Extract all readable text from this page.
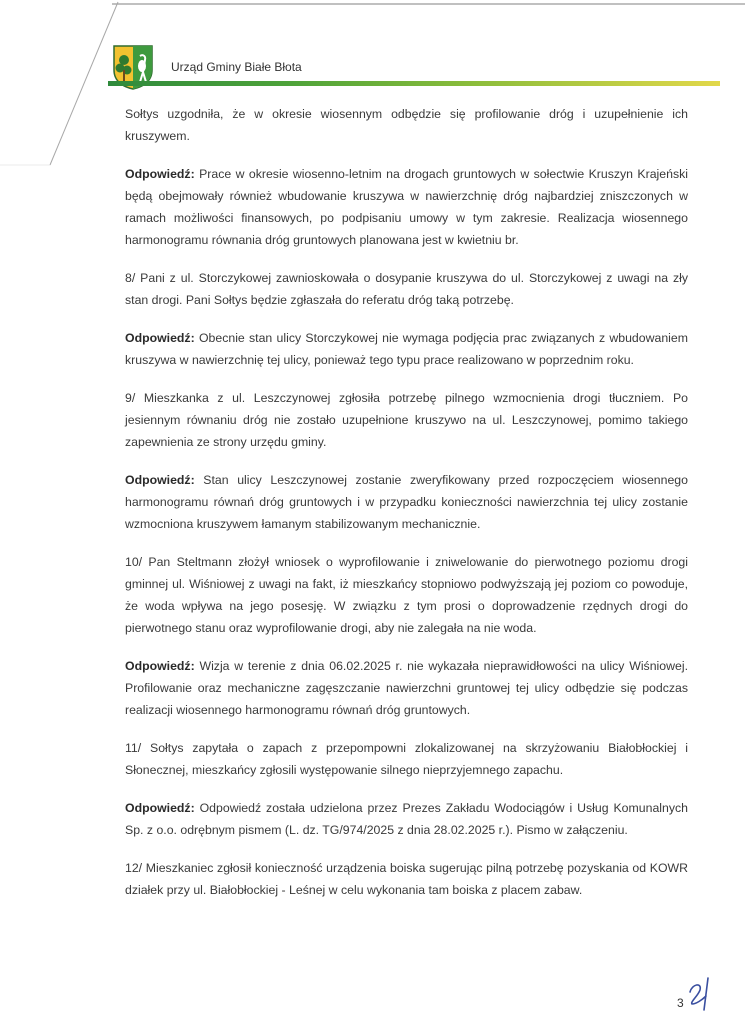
Urząd Gminy Białe Błota

Sołtys uzgodniła, że w okresie wiosennym odbędzie się profilowanie dróg i uzupełnienie ich kruszywem.

Odpowiedź: Prace w okresie wiosenno-letnim na drogach gruntowych w sołectwie Kruszyn Krajeński będą obejmowały również wbudowanie kruszywa w nawierzchnię dróg najbardziej zniszczonych w ramach możliwości finansowych, po podpisaniu umowy w tym zakresie. Realizacja wiosennego harmonogramu równania dróg gruntowych planowana jest w kwietniu br.

8/ Pani z ul. Storczykowej zawnioskowała o dosypanie kruszywa do ul. Storczykowej z uwagi na zły stan drogi. Pani Sołtys będzie zgłaszała do referatu dróg taką potrzebę.

Odpowiedź: Obecnie stan ulicy Storczykowej nie wymaga podjęcia prac związanych z wbudowaniem kruszywa w nawierzchnię tej ulicy, ponieważ tego typu prace realizowano w poprzednim roku.

9/ Mieszkanka z ul. Leszczynowej zgłosiła potrzebę pilnego wzmocnienia drogi tłuczniem. Po jesiennym równaniu dróg nie zostało uzupełnione kruszywo na ul. Leszczynowej, pomimo takiego zapewnienia ze strony urzędu gminy.

Odpowiedź: Stan ulicy Leszczynowej zostanie zweryfikowany przed rozpoczęciem wiosennego harmonogramu równań dróg gruntowych i w przypadku konieczności nawierzchnia tej ulicy zostanie wzmocniona kruszywem łamanym stabilizowanym mechanicznie.

10/ Pan Steltmann złożył wniosek o wyprofilowanie i zniwelowanie do pierwotnego poziomu drogi gminnej ul. Wiśniowej z uwagi na fakt, iż mieszkańcy stopniowo podwyższają jej poziom co powoduje, że woda wpływa na jego posesję. W związku z tym prosi o doprowadzenie rzędnych drogi do pierwotnego stanu oraz wyprofilowanie drogi, aby nie zalegała na nie woda.

Odpowiedź: Wizja w terenie z dnia 06.02.2025 r. nie wykazała nieprawidłowości na ulicy Wiśniowej. Profilowanie oraz mechaniczne zagęszczanie nawierzchni gruntowej tej ulicy odbędzie się podczas realizacji wiosennego harmonogramu równań dróg gruntowych.

11/ Sołtys zapytała o zapach z przepompowni zlokalizowanej na skrzyżowaniu Białobłockiej i Słonecznej, mieszkańcy zgłosili występowanie silnego nieprzyjemnego zapachu.

Odpowiedź: Odpowiedź została udzielona przez Prezes Zakładu Wodociągów i Usług Komunalnych Sp. z o.o. odrębnym pismem (L. dz. TG/974/2025 z dnia 28.02.2025 r.). Pismo w załączeniu.

12/ Mieszkaniec zgłosił konieczność urządzenia boiska sugerując pilną potrzebę pozyskania od KOWR działek przy ul. Białobłockiej - Leśnej w celu wykonania tam boiska z placem zabaw.

3
